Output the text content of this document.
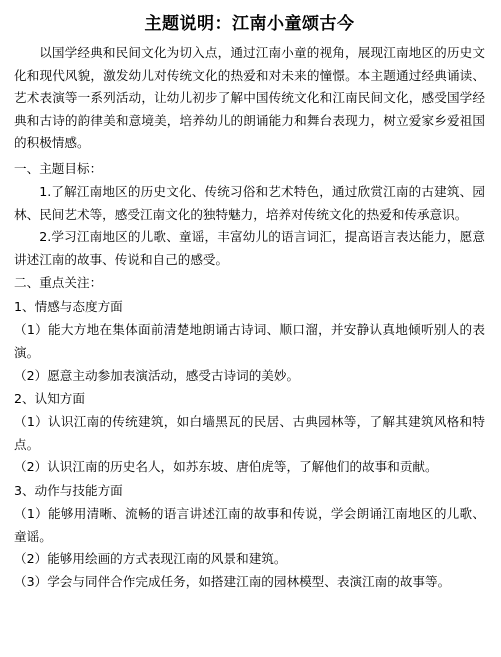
主题说明：江南小童颂古今

以国学经典和民间文化为切入点，通过江南小童的视角，展现江南地区的历史文化和现代风貌，激发幼儿对传统文化的热爱和对未来的憧憬。本主题通过经典诵读、艺术表演等一系列活动，让幼儿初步了解中国传统文化和江南民间文化，感受国学经典和古诗的韵律美和意境美，培养幼儿的朗诵能力和舞台表现力，树立爱家乡爱祖国的积极情感。

一、主题目标：

1.了解江南地区的历史文化、传统习俗和艺术特色，通过欣赏江南的古建筑、园林、民间艺术等，感受江南文化的独特魅力，培养对传统文化的热爱和传承意识。

2.学习江南地区的儿歌、童谣，丰富幼儿的语言词汇，提高语言表达能力，愿意讲述江南的故事、传说和自己的感受。

二、重点关注：
1、情感与态度方面

（1）能大方地在集体面前清楚地朗诵古诗词、顺口溜，并安静认真地倾听别人的表演。

（2）愿意主动参加表演活动，感受古诗词的美妙。

2、认知方面

（1）认识江南的传统建筑，如白墙黑瓦的民居、古典园林等，了解其建筑风格和特点。

（2）认识江南的历史名人，如苏东坡、唐伯虎等，了解他们的故事和贡献。

3、动作与技能方面

（1）能够用清晰、流畅的语言讲述江南的故事和传说，学会朗诵江南地区的儿歌、童谣。

（2）能够用绘画的方式表现江南的风景和建筑。

（3）学会与同伴合作完成任务，如搭建江南的园林模型、表演江南的故事等。
